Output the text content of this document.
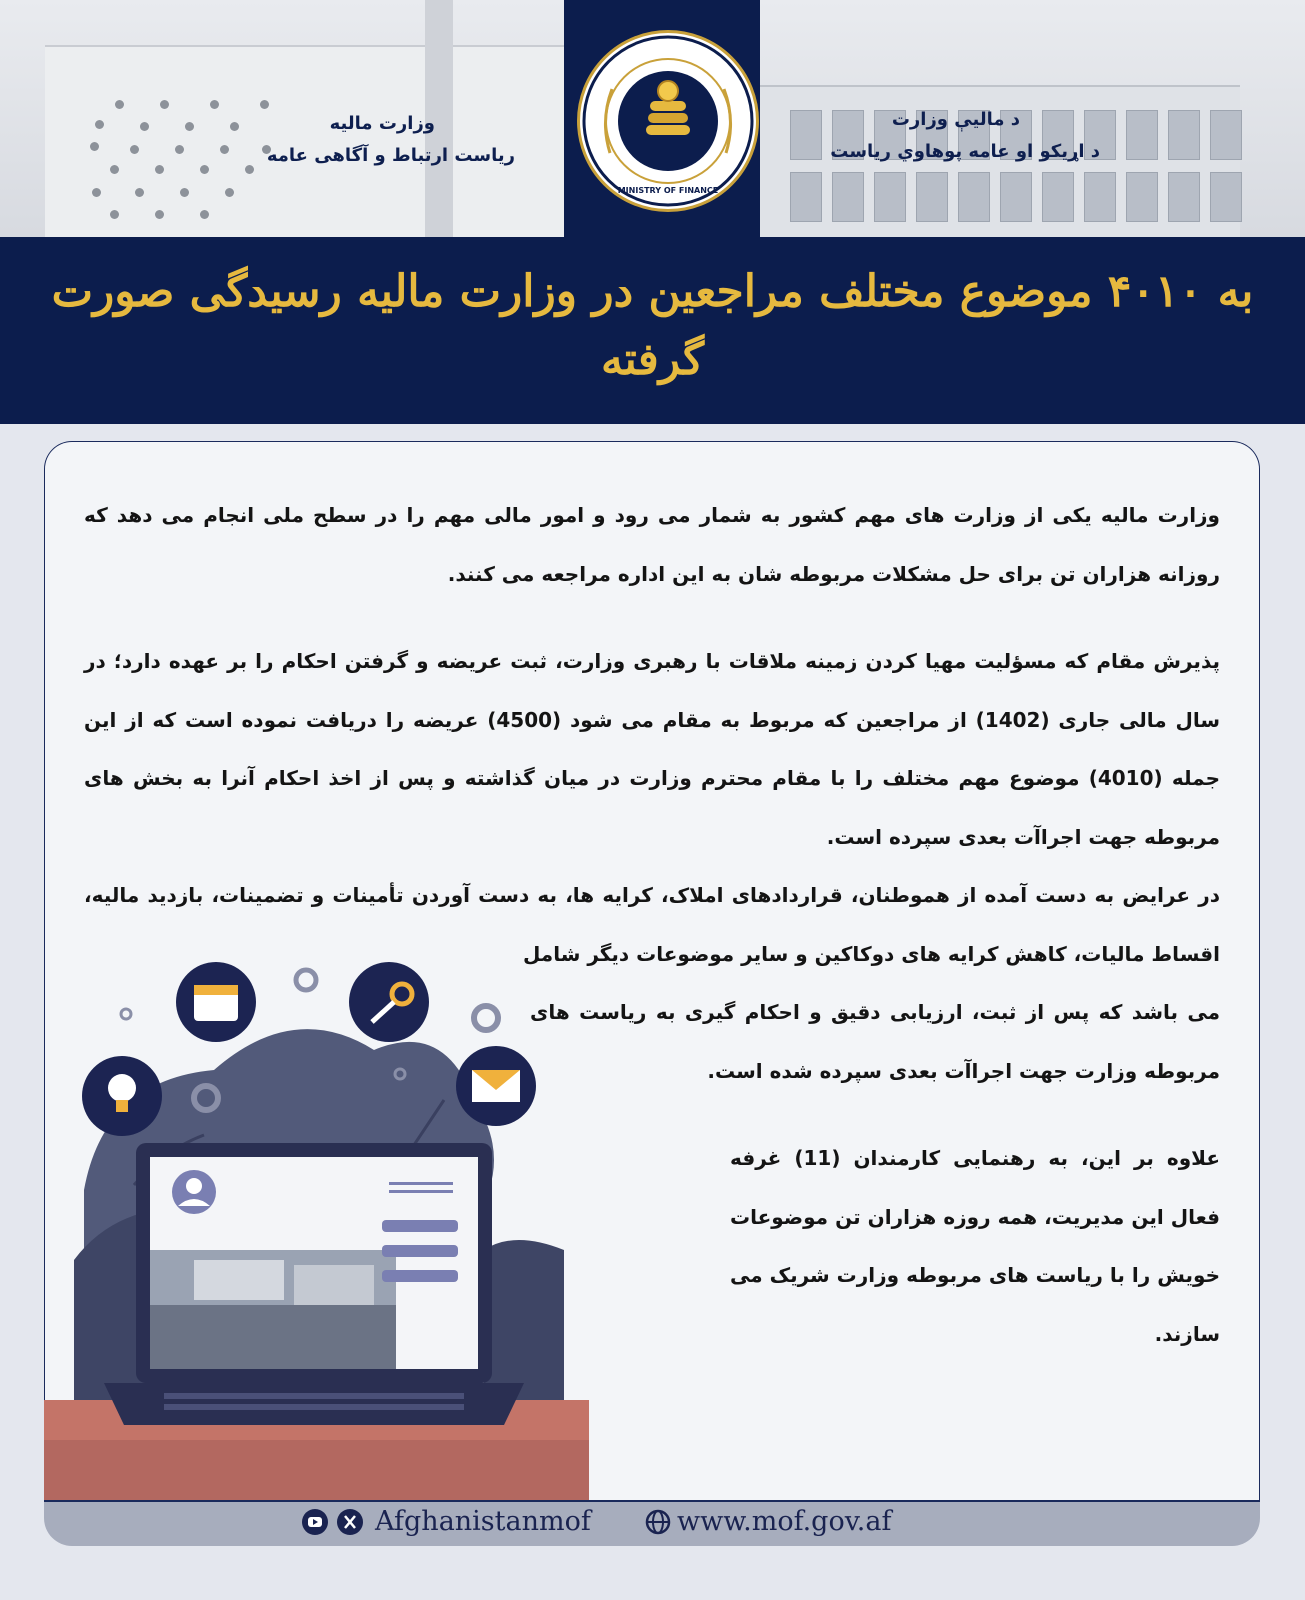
وزارت مالیه
ریاست ارتباط و آگاهی عامه
د مالیې وزارت
د اړیکو او عامه پوهاوي ریاست
MINISTRY OF FINANCE
به ۴۰۱۰ موضوع مختلف مراجعین در وزارت مالیه رسیدگی صورت گرفته

وزارت مالیه یکی از وزارت های مهم کشور به شمار می رود و امور مالی مهم را در سطح ملی انجام می دهد که روزانه هزاران تن برای حل مشکلات مربوطه شان به این اداره مراجعه می کنند.

پذیرش مقام که مسؤلیت مهیا کردن زمینه ملاقات با رهبری وزارت، ثبت عریضه و گرفتن احکام را بر عهده دارد؛ در سال مالی جاری (1402) از مراجعین که مربوط به مقام می شود (4500) عریضه را دریافت نموده است که از این جمله (4010) موضوع مهم مختلف را با مقام محترم وزارت در میان گذاشته و پس از اخذ احکام آنرا به بخش های مربوطه جهت اجراآت بعدی سپرده است.

در عرایض به دست آمده از هموطنان، قراردادهای املاک، کرایه ها، به دست آوردن تأمینات و تضمینات، بازدید مالیه، اقساط مالیات، کاهش کرایه های دوکاکین و سایر موضوعات دیگر شامل

می باشد که پس از ثبت، ارزیابی دقیق و احکام گیری به ریاست های مربوطه وزارت جهت اجراآت بعدی سپرده شده است.

علاوه بر این، به رهنمایی کارمندان (11) غرفه فعال این مدیریت، همه روزه هزاران تن موضوعات خویش را با ریاست های مربوطه وزارت شریک می سازند.

Afghanistanmof	www.mof.gov.af
